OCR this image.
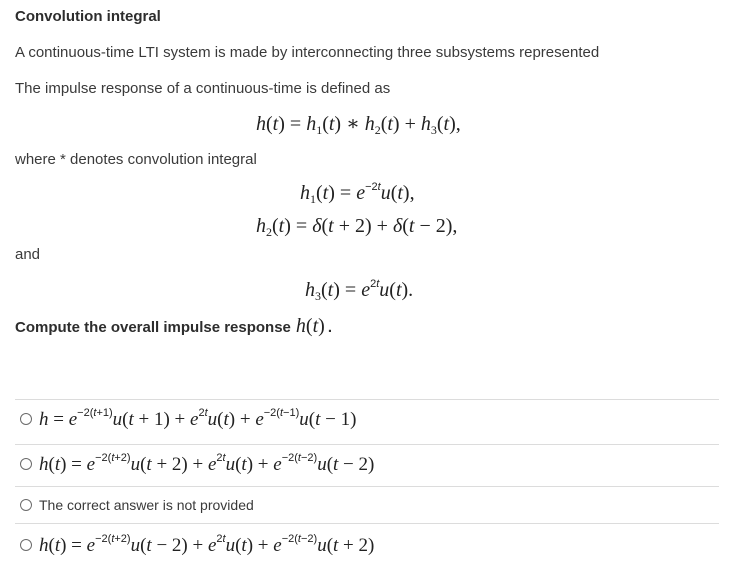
Convolution integral
A continuous-time LTI system is made by interconnecting three subsystems represented
The impulse response of a continuous-time is defined as
$h(t) = h_1(t)$ ∗ $h_2(t) + h_3(t)$,
where * denotes convolution integral
$h_1(t) = e^{-2t}u(t)$,
$h_2(t) = \delta(t + 2) + \delta(t - 2)$,
and
$h_3(t) = e^{2t}u(t)$.
Compute the overall impulse response h(t) .
$h = e^{-2(t+1)}u(t + 1) + e^{2t}u(t) + e^{-2(t-1)}u(t - 1)$
$h(t) = e^{-2(t+2)}u(t + 2) + e^{2t}u(t) + e^{-2(t-2)}u(t - 2)$
The correct answer is not provided
$h(t) = e^{-2(t+2)}u(t - 2) + e^{2t}u(t) + e^{-2(t-2)}u(t + 2)$
